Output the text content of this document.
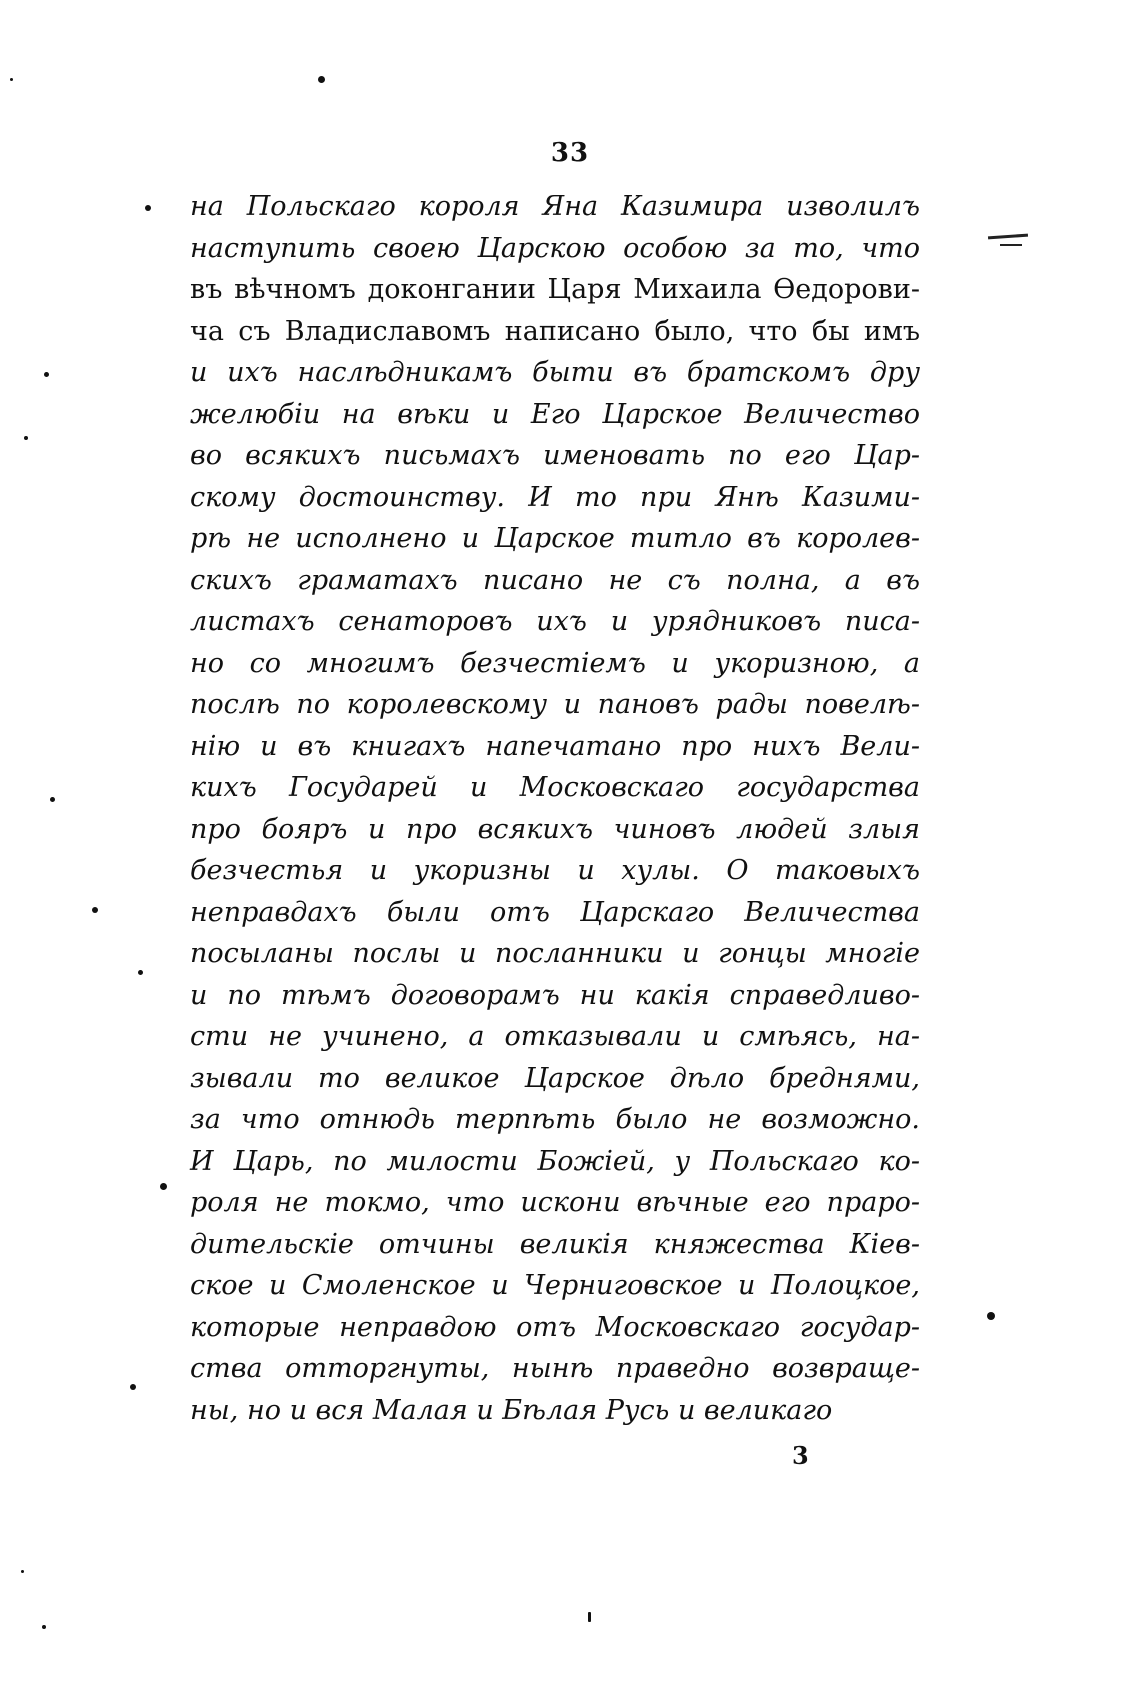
33
на Польскаго короля Яна Казимира изволилъ
наступить своею Царскою особою за то, что
въ вѣчномъ доконгании Царя Михаила Ѳедорови-
ча съ Владиславомъ написано было, что бы имъ
и ихъ наслѣдникамъ быти въ братскомъ дру
желюбіи на вѣки и Его Царское Величество
во всякихъ письмахъ именовать по его Цар-
скому достоинству. И то при Янѣ Казими-
рѣ не исполнено и Царское титло въ королев-
скихъ граматахъ писано не съ полна, а въ
листахъ сенаторовъ ихъ и урядниковъ писа-
но со многимъ безчестіемъ и укоризною, а
послѣ по королевскому и пановъ рады повелѣ-
нію и въ книгахъ напечатано про нихъ Вели-
кихъ Государей и Московскаго государства
про бояръ и про всякихъ чиновъ людей злыя
безчестья и укоризны и хулы. О таковыхъ
неправдахъ были отъ Царскаго Величества
посыланы послы и посланники и гонцы многіе
и по тѣмъ договорамъ ни какія справедливо-
сти не учинено, а отказывали и смѣясь, на-
зывали то великое Царское дѣло бреднями,
за что отнюдь терпѣть было не возможно.
И Царь, по милости Божіей, у Польскаго ко-
роля не токмо, что искони вѣчные его праро-
дительскіе отчины великія княжества Кіев-
ское и Смоленское и Черниговское и Полоцкое,
которые неправдою отъ Московскаго государ-
ства отторгнуты, нынѣ праведно возвраще-
ны, но и вся Малая и Бѣлая Русь и великаго
3
